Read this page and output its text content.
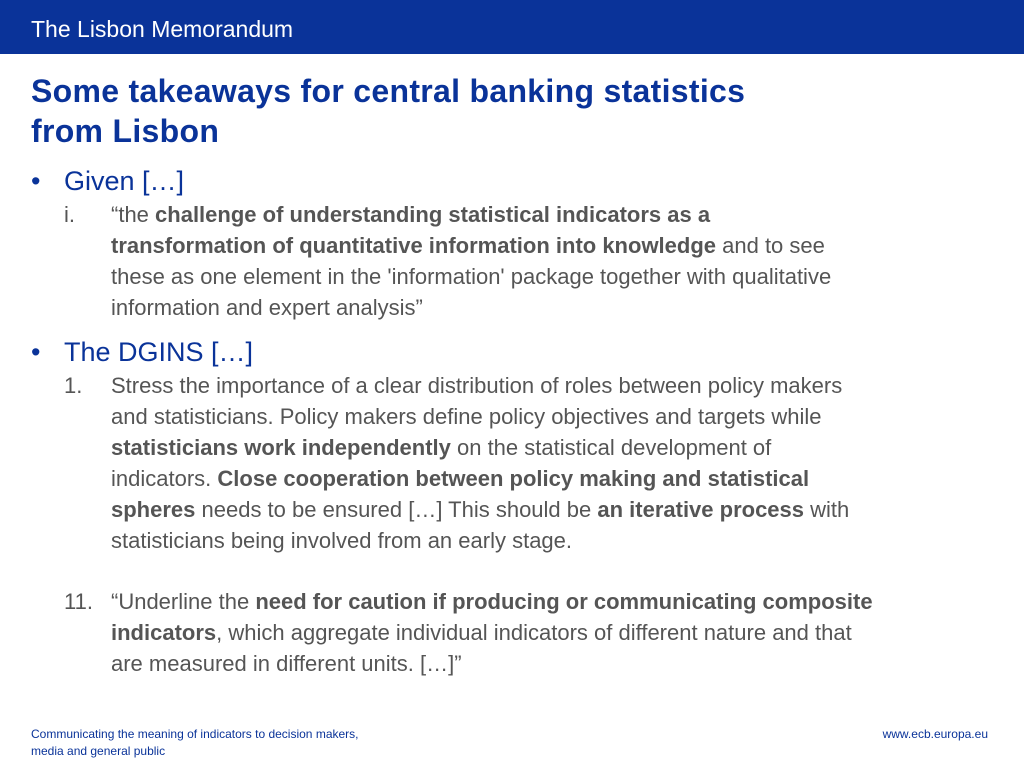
The Lisbon Memorandum
Some takeaways for central banking statistics
from Lisbon
• Given […]
i. “the challenge of understanding statistical indicators as a
transformation of quantitative information into knowledge and to see
these as one element in the 'information' package together with qualitative
information and expert analysis”
• The DGINS […]
1. Stress the importance of a clear distribution of roles between policy makers
and statisticians. Policy makers define policy objectives and targets while
statisticians work independently on the statistical development of
indicators. Close cooperation between policy making and statistical
spheres needs to be ensured […] This should be an iterative process with
statisticians being involved from an early stage.
11. “Underline the need for caution if producing or communicating composite
indicators, which aggregate individual indicators of different nature and that
are measured in different units. […]”
Communicating the meaning of indicators to decision makers,
media and general public
www.ecb.europa.eu
